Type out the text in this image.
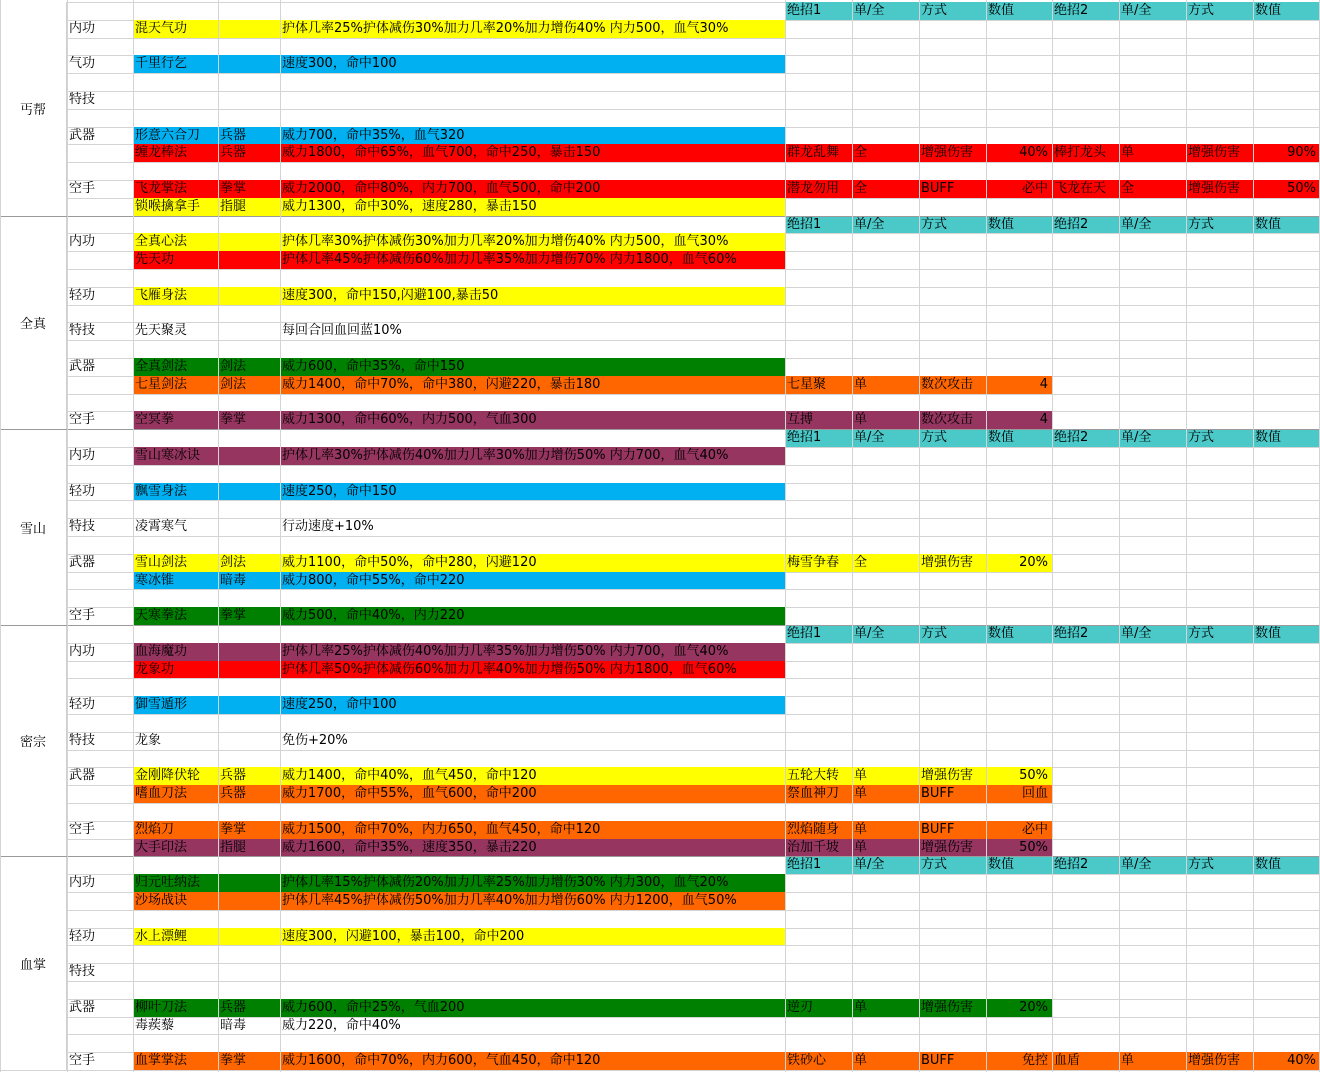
绝招1	单/全	方式	数值	绝招2	单/全	方式	数值
内功	混天气功	护体几率25%护体减伤30%加力几率20%加力增伤40% 内力500，血气30%
气功	千里行乞	速度300，命中100
特技
武器	形意六合刀	兵器	威力700，命中35%，血气320
缠龙棒法	兵器	威力1800，命中65%，血气700，命中250，暴击150	群龙乱舞	全	增强伤害	40% 棒打龙头	单	增强伤害	90%
空手	飞龙掌法	拳掌	威力2000，命中80%，内力700，血气500，命中200	潜龙勿用	全	BUFF	必中 飞龙在天	全	增强伤害	50%
锁喉擒拿手	指腿	威力1300，命中30%，速度280，暴击150
丐帮
绝招1	单/全	方式	数值	绝招2	单/全	方式	数值
内功	全真心法	护体几率30%护体减伤30%加力几率20%加力增伤40% 内力500，血气30%
先天功	护体几率45%护体减伤60%加力几率35%加力增伤70% 内力1800，血气60%
轻功	飞雁身法	速度300，命中150,闪避100,暴击50
特技	先天聚灵	每回合回血回蓝10%
武器	全真剑法	剑法	威力600，命中35%，命中150
七星剑法	剑法	威力1400，命中70%，命中380，闪避220，暴击180	七星聚	单	数次攻击	4
空手	空冥拳	拳掌	威力1300，命中60%，内力500，气血300	互搏	单	数次攻击	4
全真
绝招1	单/全	方式	数值	绝招2	单/全	方式	数值
内功	雪山寒冰诀	护体几率30%护体减伤40%加力几率30%加力增伤50% 内力700，血气40%
轻功	飘雪身法	速度250，命中150
特技	凌霄寒气	行动速度+10%
武器	雪山剑法	剑法	威力1100，命中50%，命中280，闪避120	梅雪争春	全	增强伤害	20%
寒冰锥	暗毒	威力800，命中55%，命中220
空手	天寒拳法	拳掌	威力500，命中40%，内力220
雪山
绝招1	单/全	方式	数值	绝招2	单/全	方式	数值
内功	血海魔功	护体几率25%护体减伤40%加力几率35%加力增伤50% 内力700，血气40%
龙象功	护体几率50%护体减伤60%加力几率40%加力增伤50% 内力1800，血气60%
轻功	御雪遁形	速度250，命中100
特技	龙象	免伤+20%
武器	金刚降伏轮	兵器	威力1400，命中40%，血气450，命中120	五轮大转	单	增强伤害	50%
嗜血刀法	兵器	威力1700，命中55%，血气600，命中200	祭血神刀	单	BUFF	回血
空手	烈焰刀	拳掌	威力1500，命中70%，内力650，血气450，命中120	烈焰随身	单	BUFF	必中
大手印法	指腿	威力1600，命中35%，速度350，暴击220	治加千坡	单	增强伤害	50%
密宗
绝招1	单/全	方式	数值	绝招2	单/全	方式	数值
内功	归元吐纳法	护体几率15%护体减伤20%加力几率25%加力增伤30% 内力300，血气20%
沙场战诀	护体几率45%护体减伤50%加力几率40%加力增伤60% 内力1200，血气50%
轻功	水上漂鲤	速度300，闪避100，暴击100，命中200
特技
武器	柳叶刀法	兵器	威力600，命中25%，气血200	逆刃	单	增强伤害	20%
毒蒺藜	暗毒	威力220，命中40%
空手	血掌掌法	拳掌	威力1600，命中70%，内力600，气血450，命中120	铁砂心	单	BUFF	免控 血盾	单	增强伤害	40%
血掌
